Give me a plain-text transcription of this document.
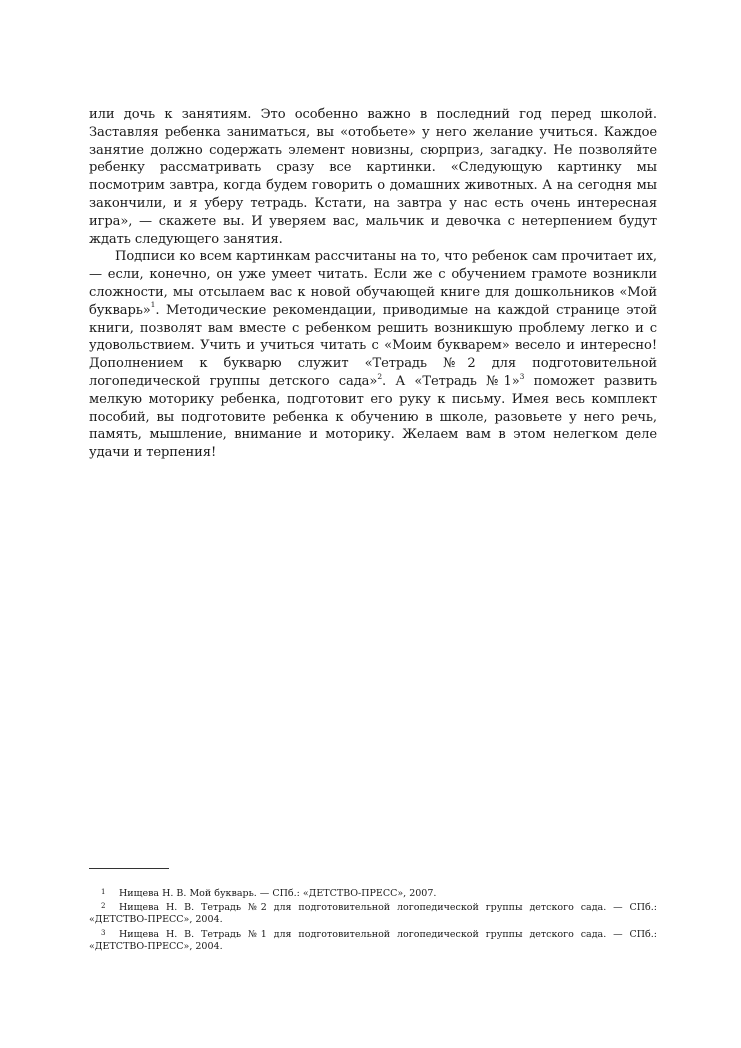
или дочь к занятиям. Это особенно важно в последний год перед школой. Заставляя ребенка заниматься, вы «отобьете» у него желание учиться. Каждое занятие должно содержать элемент новизны, сюрприз, загадку. Не позволяйте ребенку рассматривать сразу все картинки. «Следующую картинку мы посмотрим завтра, когда будем говорить о домашних животных. А на сегодня мы закончили, и я уберу тетрадь. Кстати, на завтра у нас есть очень интересная игра», — скажете вы. И уверяем вас, мальчик и девочка с нетерпением будут ждать следующего занятия.

Подписи ко всем картинкам рассчитаны на то, что ребенок сам прочитает их, — если, конечно, он уже умеет читать. Если же с обучением грамоте возникли сложности, мы отсылаем вас к новой обучающей книге для дошкольников «Мой букварь»$^1$. Методические рекомендации, приводимые на каждой странице этой книги, позволят вам вместе с ребенком решить возникшую проблему легко и с удовольствием. Учить и учиться читать с «Моим букварем» весело и интересно! Дополнением к букварю служит «Тетрадь №2 для подготовительной логопедической группы детского сада»$^2$. А «Тетрадь №1»$^3$ поможет развить мелкую моторику ребенка, подготовит его руку к письму. Имея весь комплект пособий, вы подготовите ребенка к обучению в школе, разовьете у него речь, память, мышление, внимание и моторику. Желаем вам в этом нелегком деле удачи и терпения!

1 Нищева Н. В. Мой букварь. — СПб.: «ДЕТСТВО-ПРЕСС», 2007.

2 Нищева Н. В. Тетрадь №2 для подготовительной логопедической группы детского сада. — СПб.: «ДЕТСТВО-ПРЕСС», 2004.

3 Нищева Н. В. Тетрадь №1 для подготовительной логопедической группы детского сада. — СПб.: «ДЕТСТВО-ПРЕСС», 2004.
